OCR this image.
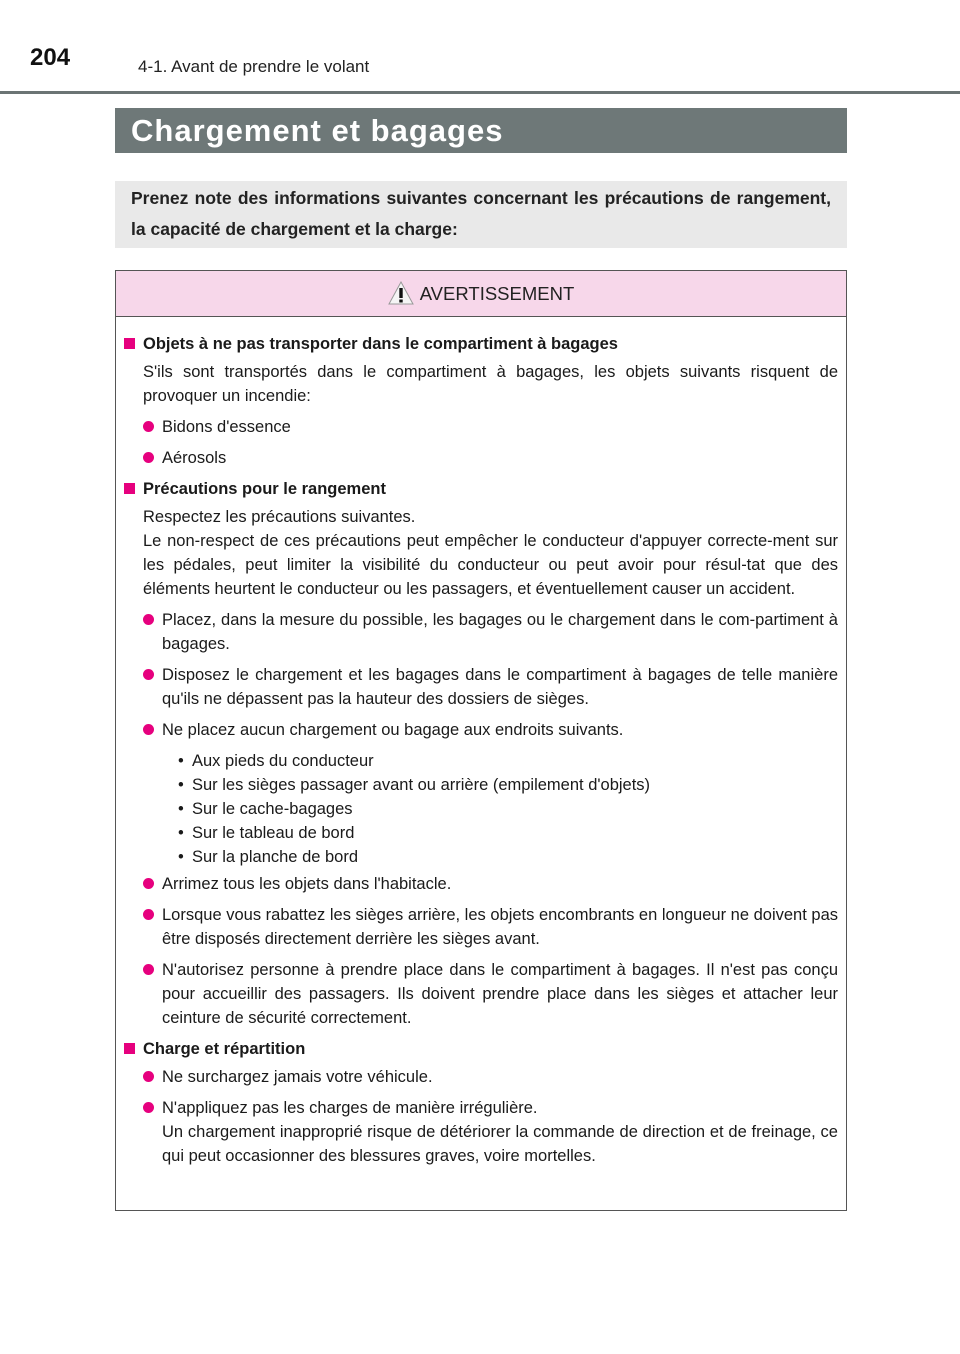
204	4-1. Avant de prendre le volant
Chargement et bagages
Prenez note des informations suivantes concernant les précautions de rangement, la capacité de chargement et la charge:
AVERTISSEMENT
Objets à ne pas transporter dans le compartiment à bagages
S'ils sont transportés dans le compartiment à bagages, les objets suivants risquent de provoquer un incendie:
Bidons d'essence
Aérosols
Précautions pour le rangement
Respectez les précautions suivantes.
Le non-respect de ces précautions peut empêcher le conducteur d'appuyer correcte-ment sur les pédales, peut limiter la visibilité du conducteur ou peut avoir pour résul-tat que des éléments heurtent le conducteur ou les passagers, et éventuellement causer un accident.
Placez, dans la mesure du possible, les bagages ou le chargement dans le com-partiment à bagages.
Disposez le chargement et les bagages dans le compartiment à bagages de telle manière qu'ils ne dépassent pas la hauteur des dossiers de sièges.
Ne placez aucun chargement ou bagage aux endroits suivants.
• Aux pieds du conducteur
• Sur les sièges passager avant ou arrière (empilement d'objets)
• Sur le cache-bagages
• Sur le tableau de bord
• Sur la planche de bord
Arrimez tous les objets dans l'habitacle.
Lorsque vous rabattez les sièges arrière, les objets encombrants en longueur ne doivent pas être disposés directement derrière les sièges avant.
N'autorisez personne à prendre place dans le compartiment à bagages. Il n'est pas conçu pour accueillir des passagers. Ils doivent prendre place dans les sièges et attacher leur ceinture de sécurité correctement.
Charge et répartition
Ne surchargez jamais votre véhicule.
N'appliquez pas les charges de manière irrégulière.
Un chargement inapproprié risque de détériorer la commande de direction et de freinage, ce qui peut occasionner des blessures graves, voire mortelles.
